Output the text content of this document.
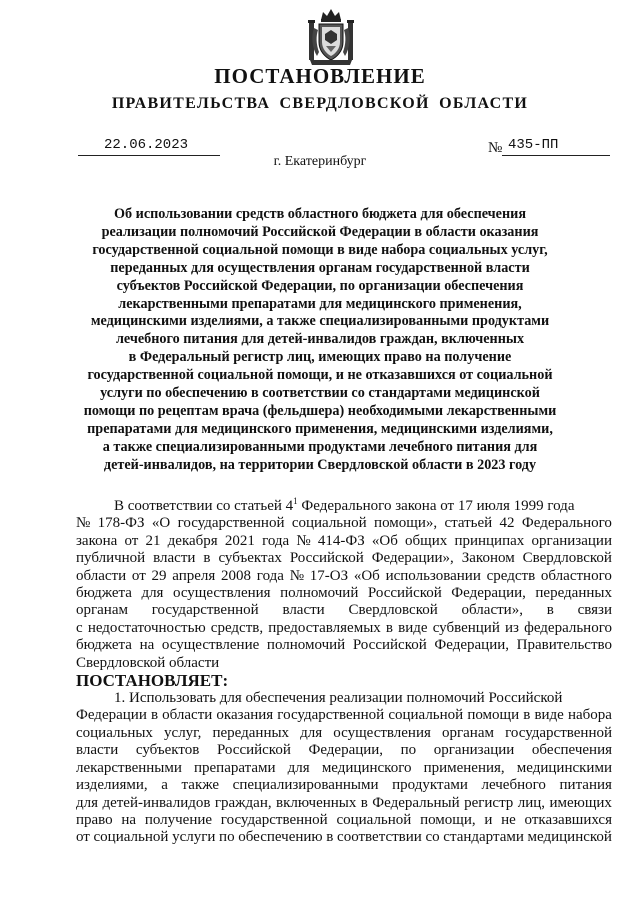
ПОСТАНОВЛЕНИЕ
ПРАВИТЕЛЬСТВА СВЕРДЛОВСКОЙ ОБЛАСТИ
22.06.2023	№ 435-ПП
г. Екатеринбург
Об использовании средств областного бюджета для обеспечения
реализации полномочий Российской Федерации в области оказания
государственной социальной помощи в виде набора социальных услуг,
переданных для осуществления органам государственной власти
субъектов Российской Федерации, по организации обеспечения
лекарственными препаратами для медицинского применения,
медицинскими изделиями, а также специализированными продуктами
лечебного питания для детей-инвалидов граждан, включенных
в Федеральный регистр лиц, имеющих право на получение
государственной социальной помощи, и не отказавшихся от социальной
услуги по обеспечению в соответствии со стандартами медицинской
помощи по рецептам врача (фельдшера) необходимыми лекарственными
препаратами для медицинского применения, медицинскими изделиями,
а также специализированными продуктами лечебного питания для
детей-инвалидов, на территории Свердловской области в 2023 году
В соответствии со статьей $4^1$ Федерального закона от 17 июля 1999 года
№ 178-ФЗ «О государственной социальной помощи», статьей 42 Федерального
закона от 21 декабря 2021 года № 414-ФЗ «Об общих принципах организации
публичной власти в субъектах Российской Федерации», Законом Свердловской
области от 29 апреля 2008 года № 17-ОЗ «Об использовании средств областного
бюджета для осуществления полномочий Российской Федерации, переданных
органам государственной власти Свердловской области», в связи
с недостаточностью средств, предоставляемых в виде субвенций из федерального
бюджета на осуществление полномочий Российской Федерации, Правительство
Свердловской области
ПОСТАНОВЛЯЕТ:
1. Использовать для обеспечения реализации полномочий Российской
Федерации в области оказания государственной социальной помощи в виде набора
социальных услуг, переданных для осуществления органам государственной
власти субъектов Российской Федерации, по организации обеспечения
лекарственными препаратами для медицинского применения, медицинскими
изделиями, а также специализированными продуктами лечебного питания
для детей-инвалидов граждан, включенных в Федеральный регистр лиц, имеющих
право на получение государственной социальной помощи, и не отказавшихся
от социальной услуги по обеспечению в соответствии со стандартами медицинской
